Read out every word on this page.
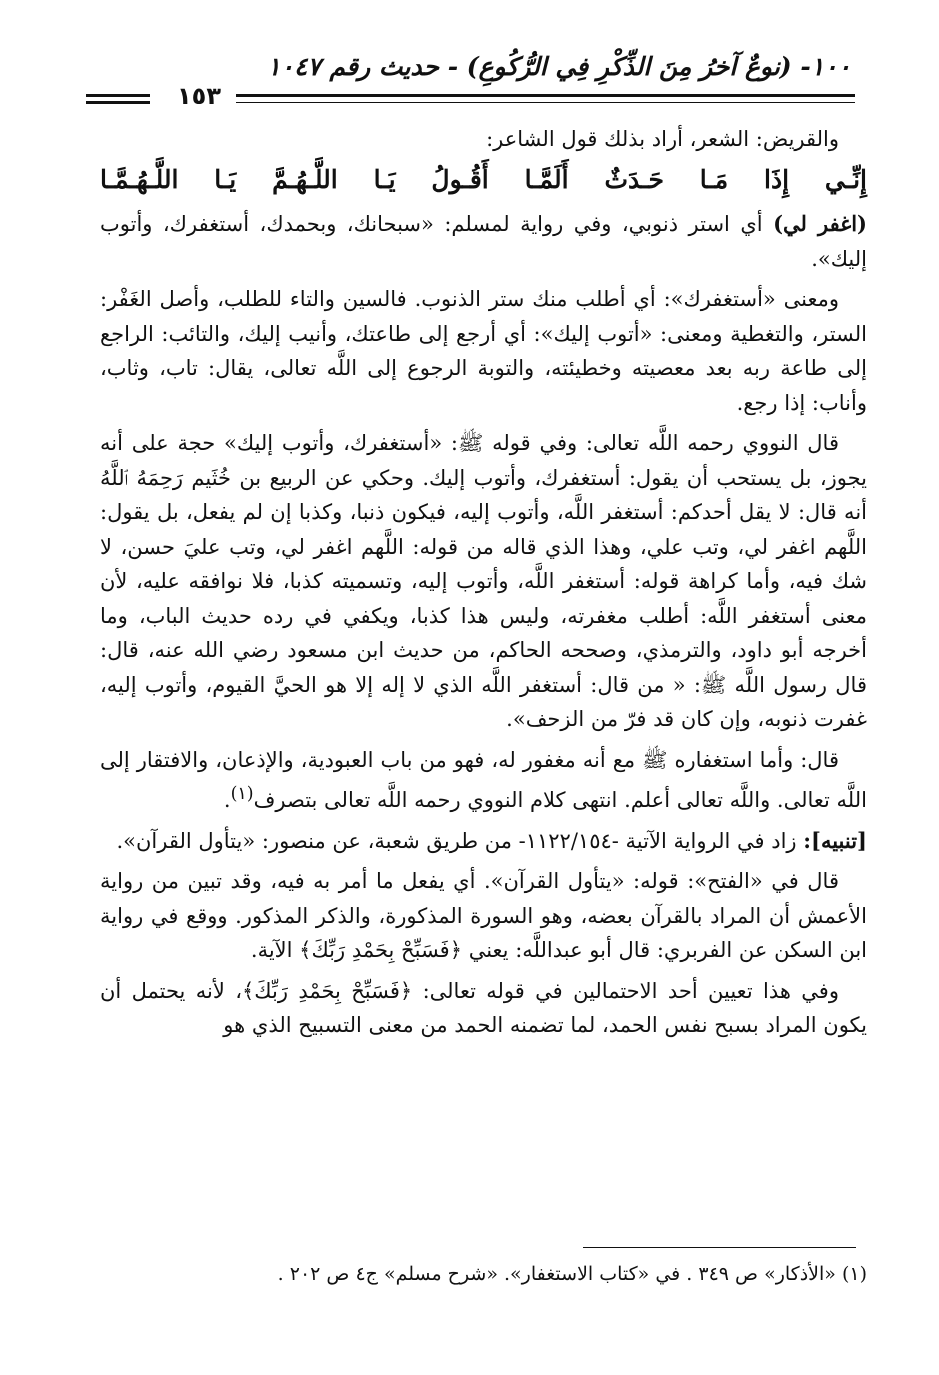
١٠٠- (نوعٌ آخرُ مِنَ الذِّكْرِ فِي الرُّكُوعِ) - حديث رقم ١٠٤٧
١٥٣

والقريض: الشعر، أراد بذلك قول الشاعر:

إِنِّـي إِذَا مَـا حَـدَثٌ أَلَمَّـا أَقُـولُ يَـا اللَّـهُـمَّ يَـا اللَّـهُـمَّـا

(اغفر لي) أي استر ذنوبي، وفي رواية لمسلم: «سبحانك، وبحمدك، أستغفرك، وأتوب إليك».

ومعنى «أستغفرك»: أي أطلب منك ستر الذنوب. فالسين والتاء للطلب، وأصل الغَفْر: الستر، والتغطية ومعنى: «أتوب إليك»: أي أرجع إلى طاعتك، وأنيب إليك، والتائب: الراجع إلى طاعة ربه بعد معصيته وخطيئته، والتوبة الرجوع إلى اللَّه تعالى، يقال: تاب، وثاب، وأناب: إذا رجع.

قال النووي رحمه اللَّه تعالى: وفي قوله ﷺ: «أستغفرك، وأتوب إليك» حجة على أنه يجوز، بل يستحب أن يقول: أستغفرك، وأتوب إليك. وحكي عن الربيع بن خُثَيم رَحِمَهُ ٱللَّهُ أنه قال: لا يقل أحدكم: أستغفر اللَّه، وأتوب إليه، فيكون ذنبا، وكذبا إن لم يفعل، بل يقول: اللَّهم اغفر لي، وتب علي، وهذا الذي قاله من قوله: اللَّهم اغفر لي، وتب عليَ حسن، لا شك فيه، وأما كراهة قوله: أستغفر اللَّه، وأتوب إليه، وتسميته كذبا، فلا نوافقه عليه، لأن معنى أستغفر اللَّه: أطلب مغفرته، وليس هذا كذبا، ويكفي في رده حديث الباب، وما أخرجه أبو داود، والترمذي، وصححه الحاكم، من حديث ابن مسعود رضي الله عنه، قال: قال رسول اللَّه ﷺ: « من قال: أستغفر اللَّه الذي لا إله إلا هو الحيَّ القيوم، وأتوب إليه، غفرت ذنوبه، وإن كان قد فرّ من الزحف».

قال: وأما استغفاره ﷺ مع أنه مغفور له، فهو من باب العبودية، والإذعان، والافتقار إلى اللَّه تعالى. واللَّه تعالى أعلم. انتهى كلام النووي رحمه اللَّه تعالى بتصرف$^{(١)}$.

[تنبيه]: زاد في الرواية الآتية -١١٢٢/١٥٤- من طريق شعبة، عن منصور: «يتأول القرآن».

قال في «الفتح»: قوله: «يتأول القرآن». أي يفعل ما أمر به فيه، وقد تبين من رواية الأعمش أن المراد بالقرآن بعضه، وهو السورة المذكورة، والذكر المذكور. ووقع في رواية ابن السكن عن الفربري: قال أبو عبداللَّه: يعني ﴿فَسَبِّحْ بِحَمْدِ رَبِّكَ﴾ الآية.

وفي هذا تعيين أحد الاحتمالين في قوله تعالى: ﴿فَسَبِّحْ بِحَمْدِ رَبِّكَ﴾، لأنه يحتمل أن يكون المراد بسبح نفس الحمد، لما تضمنه الحمد من معنى التسبيح الذي هو

(١) «الأذكار» ص ٣٤٩ . في «كتاب الاستغفار». «شرح مسلم» ج٤ ص ٢٠٢ .
